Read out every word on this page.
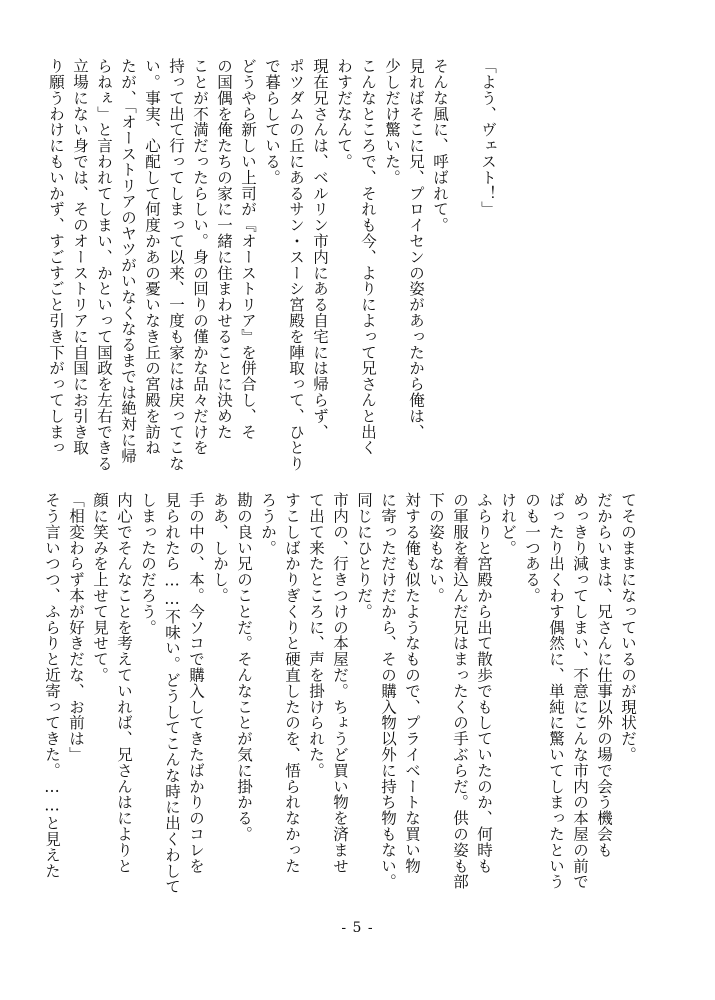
「よう、ヴェスト！」

そんな風に、呼ばれて。
見ればそこに兄、プロイセンの姿があったから俺は、
少しだけ驚いた。
こんなところで、それも今、よりによって兄さんと出く
わすだなんて。
現在兄さんは、ベルリン市内にある自宅には帰らず、
ポツダムの丘にあるサン・スーシ宮殿を陣取って、ひとり
で暮らしている。
どうやら新しい上司が『オーストリア』を併合し、そ
の国偶を俺たちの家に一緒に住まわせることに決めた
ことが不満だったらしい。身の回りの僅かな品々だけを
持って出て行ってしまって以来、一度も家には戻ってこな
い。事実、心配して何度かあの憂いなき丘の宮殿を訪ね
たが、「オーストリアのヤツがいなくなるまでは絶対に帰
らねぇ」と言われてしまい、かといって国政を左右できる
立場にない身では、そのオーストリアに自国にお引き取
り願うわけにもいかず、すごすごと引き下がってしまっ
てそのままになっているのが現状だ。
だからいまは、兄さんに仕事以外の場で会う機会も
めっきり減ってしまい、不意にこんな市内の本屋の前で
ばったり出くわす偶然に、単純に驚いてしまったという
のも一つある。
けれど。
ふらりと宮殿から出て散歩でもしていたのか、何時も
の軍服を着込んだ兄はまったくの手ぶらだ。供の姿も部
下の姿もない。
対する俺も似たようなもので、プライベートな買い物
に寄っただけだから、その購入物以外に持ち物もない。
同じにひとりだ。
市内の、行きつけの本屋だ。ちょうど買い物を済ませ
て出て来たところに、声を掛けられた。
すこしばかりぎくりと硬直したのを、悟られなかった
ろうか。
勘の良い兄のことだ。そんなことが気に掛かる。
ああ、しかし。
手の中の、本。今ソコで購入してきたばかりのコレを
見られたら……不味い。どうしてこんな時に出くわして
しまったのだろう。
内心でそんなことを考えていれば、兄さんはによりと
顔に笑みを上せて見せて。
「相変わらず本が好きだな、お前は」
そう言いつつ、ふらりと近寄ってきた。……と見えた
- 5 -
